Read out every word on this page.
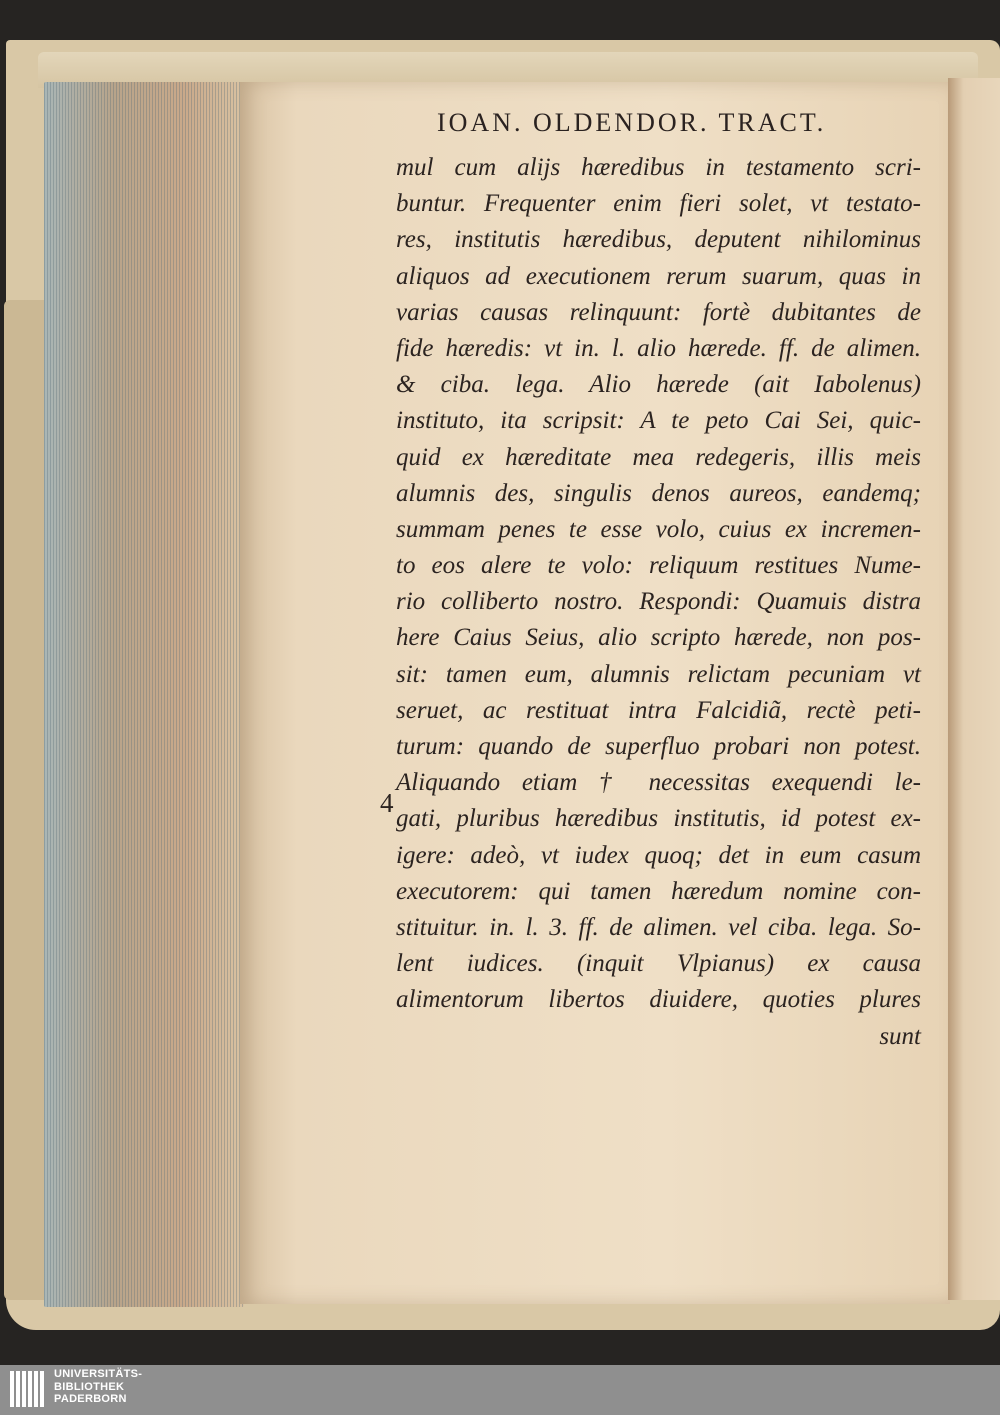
IOAN. OLDENDOR. TRACT.
4
mul cum alijs hæredibus in testamento scri-
buntur. Frequenter enim fieri solet, vt testato-
res, institutis hæredibus, deputent nihilominus
aliquos ad executionem rerum suarum, quas in
varias causas relinquunt: fortè dubitantes de
fide hæredis: vt in. l. alio hærede. ff. de alimen.
& ciba. lega. Alio hærede (ait Iabolenus)
instituto, ita scripsit: A te peto Cai Sei, quic-
quid ex hæreditate mea redegeris, illis meis
alumnis des, singulis denos aureos, eandemq;
summam penes te esse volo, cuius ex incremen-
to eos alere te volo: reliquum restitues Nume-
rio colliberto nostro. Respondi: Quamuis distra
here Caius Seius, alio scripto hærede, non pos-
sit: tamen eum, alumnis relictam pecuniam vt
seruet, ac restituat intra Falcidiã, rectè peti-
turum: quando de superfluo probari non potest.
Aliquando etiam † necessitas exequendi le-
gati, pluribus hæredibus institutis, id potest ex-
igere: adeò, vt iudex quoq; det in eum casum
executorem: qui tamen hæredum nomine con-
stituitur. in. l. 3. ff. de alimen. vel ciba. lega. So-
lent iudices. (inquit Vlpianus) ex causa
alimentorum libertos diuidere, quoties plures
sunt
UNIVERSITÄTS-
BIBLIOTHEK
PADERBORN
